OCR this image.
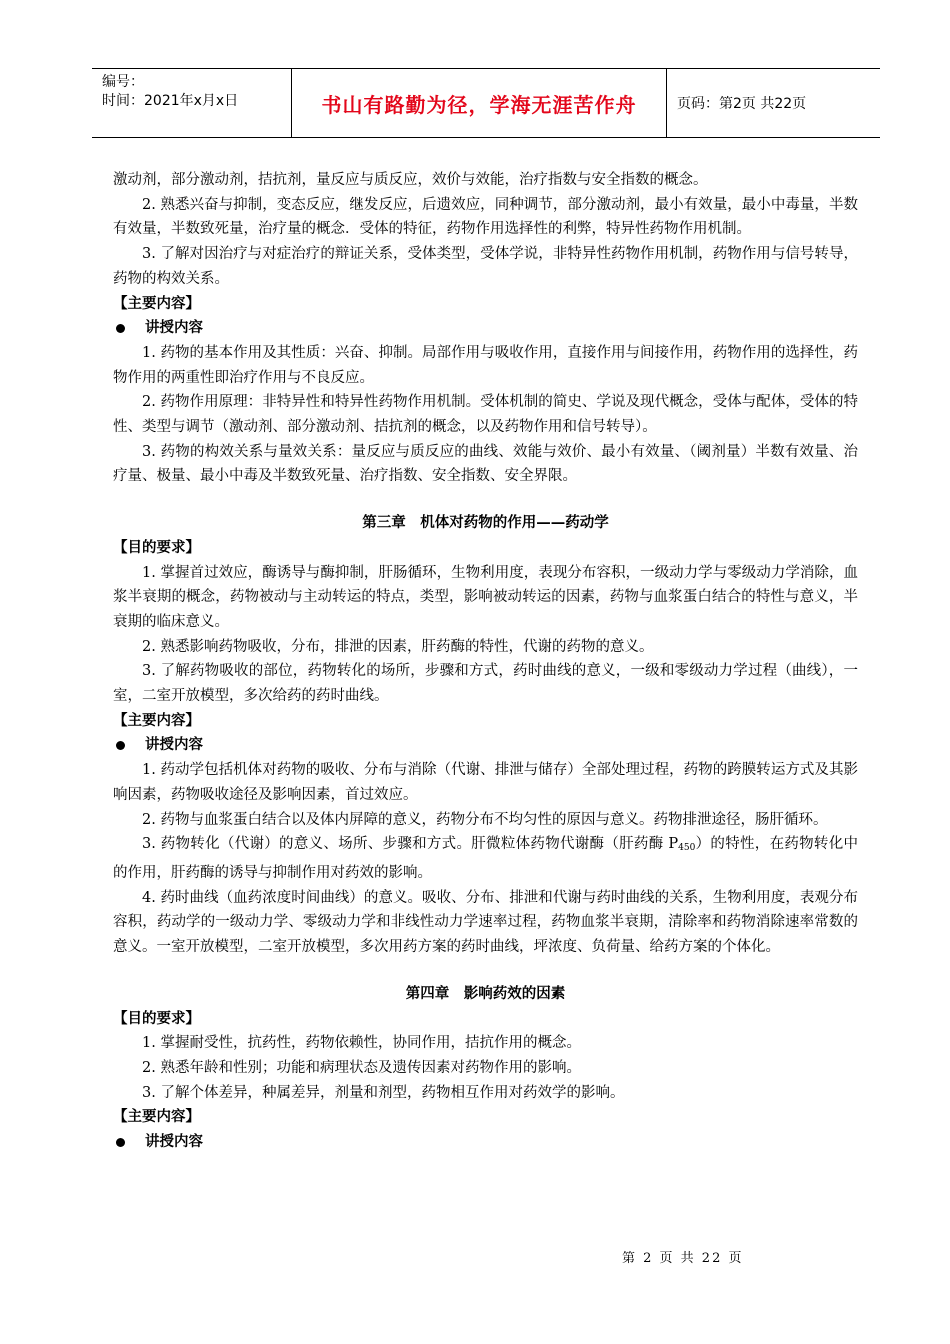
编号：
时间：2021年x月x日	书山有路勤为径，学海无涯苦作舟	页码：第2页 共22页

激动剂，部分激动剂，拮抗剂，量反应与质反应，效价与效能，治疗指数与安全指数的概念。

2. 熟悉兴奋与抑制，变态反应，继发反应，后遗效应，同种调节，部分激动剂，最小有效量，最小中毒量，半数有效量，半数致死量，治疗量的概念．受体的特征，药物作用选择性的利弊，特异性药物作用机制。

3. 了解对因治疗与对症治疗的辩证关系，受体类型，受体学说，非特异性药物作用机制，药物作用与信号转导，药物的构效关系。

【主要内容】

讲授内容

1. 药物的基本作用及其性质：兴奋、抑制。局部作用与吸收作用，直接作用与间接作用，药物作用的选择性，药物作用的两重性即治疗作用与不良反应。

2. 药物作用原理：非特异性和特异性药物作用机制。受体机制的简史、学说及现代概念，受体与配体，受体的特性、类型与调节（激动剂、部分激动剂、拮抗剂的概念，以及药物作用和信号转导）。

3. 药物的构效关系与量效关系：量反应与质反应的曲线、效能与效价、最小有效量、（阈剂量）半数有效量、治疗量、极量、最小中毒及半数致死量、治疗指数、安全指数、安全界限。

第三章　机体对药物的作用——药动学

【目的要求】

1. 掌握首过效应，酶诱导与酶抑制，肝肠循环，生物利用度，表现分布容积，一级动力学与零级动力学消除，血浆半衰期的概念，药物被动与主动转运的特点，类型，影响被动转运的因素，药物与血浆蛋白结合的特性与意义，半衰期的临床意义。

2. 熟悉影响药物吸收，分布，排泄的因素，肝药酶的特性，代谢的药物的意义。

3. 了解药物吸收的部位，药物转化的场所，步骤和方式，药时曲线的意义，一级和零级动力学过程（曲线），一室，二室开放模型，多次给药的药时曲线。

【主要内容】

讲授内容

1. 药动学包括机体对药物的吸收、分布与消除（代谢、排泄与储存）全部处理过程，药物的跨膜转运方式及其影响因素，药物吸收途径及影响因素，首过效应。

2. 药物与血浆蛋白结合以及体内屏障的意义，药物分布不均匀性的原因与意义。药物排泄途径，肠肝循环。

3. 药物转化（代谢）的意义、场所、步骤和方式。肝微粒体药物代谢酶（肝药酶 $P_{450}$）的特性，在药物转化中的作用，肝药酶的诱导与抑制作用对药效的影响。

4. 药时曲线（血药浓度时间曲线）的意义。吸收、分布、排泄和代谢与药时曲线的关系，生物利用度，表观分布容积，药动学的一级动力学、零级动力学和非线性动力学速率过程，药物血浆半衰期，清除率和药物消除速率常数的意义。一室开放模型，二室开放模型，多次用药方案的药时曲线，坪浓度、负荷量、给药方案的个体化。

第四章　影响药效的因素

【目的要求】

1. 掌握耐受性，抗药性，药物依赖性，协同作用，拮抗作用的概念。

2. 熟悉年龄和性别；功能和病理状态及遗传因素对药物作用的影响。

3. 了解个体差异，种属差异，剂量和剂型，药物相互作用对药效学的影响。

【主要内容】

讲授内容

第 2 页 共 22 页
